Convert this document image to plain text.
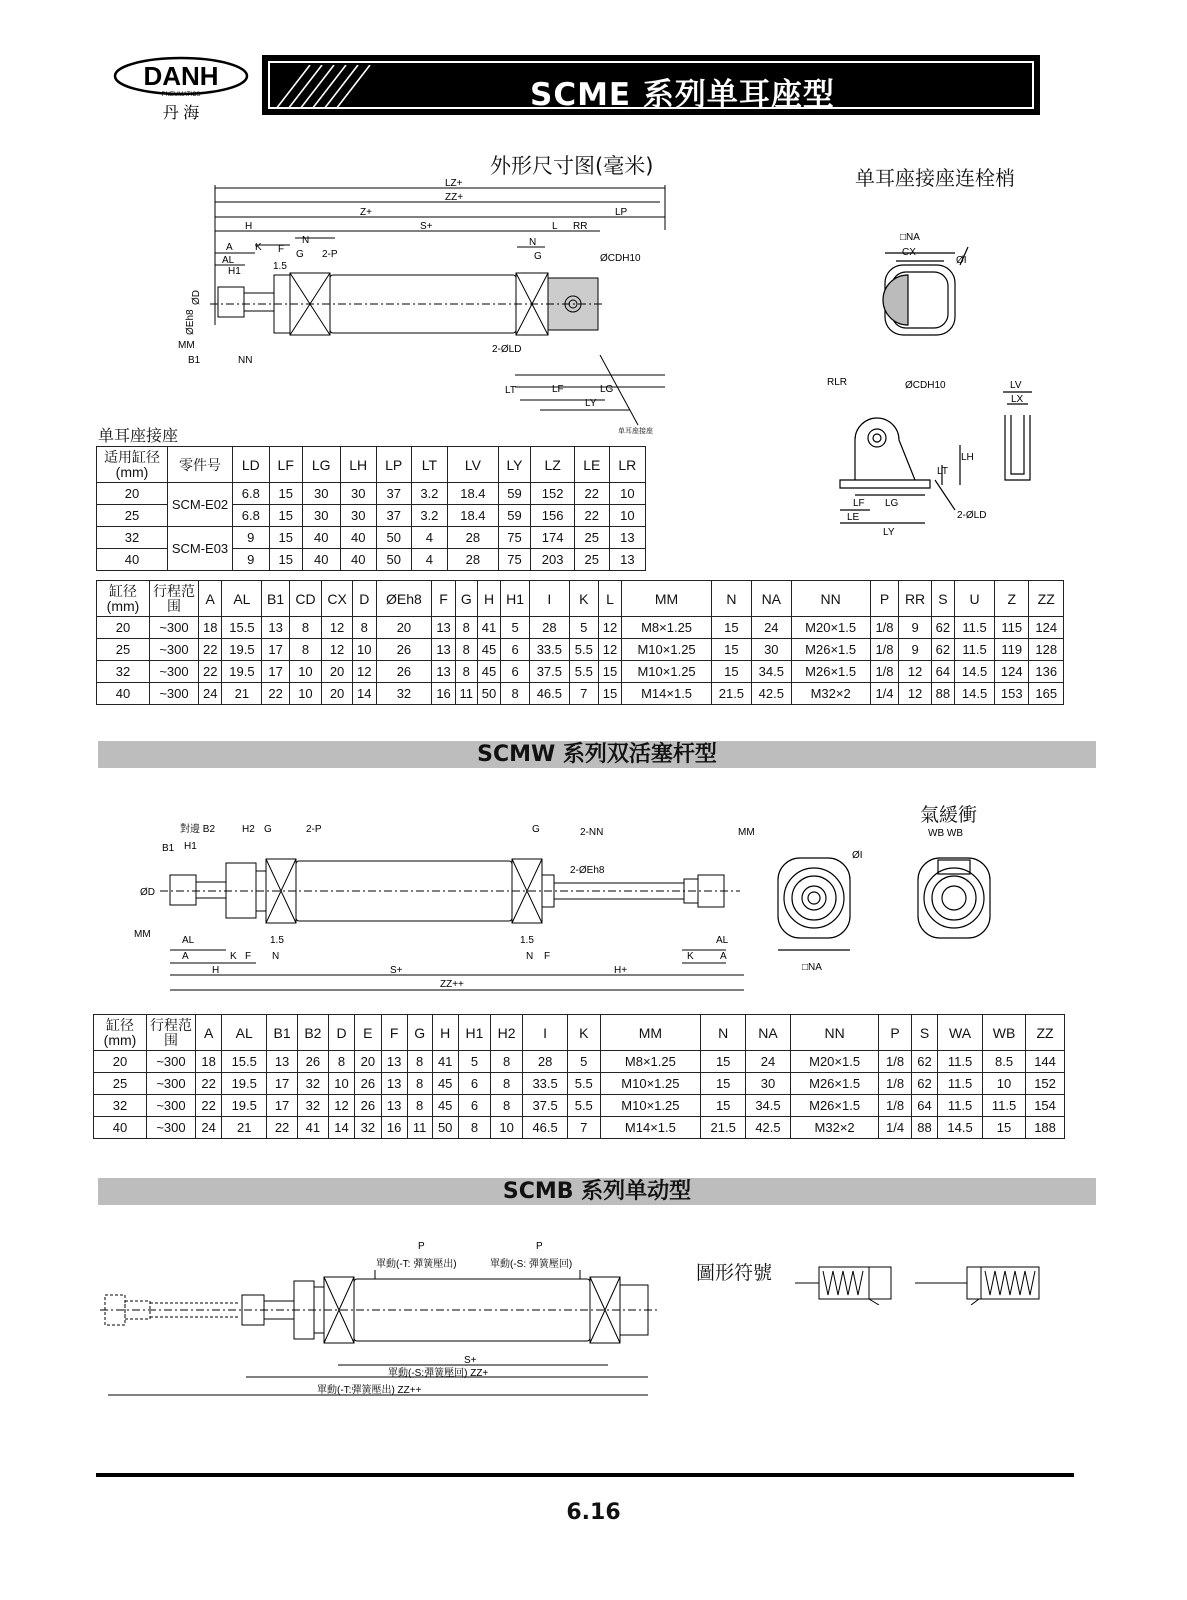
DANH
PNEUMATICS
丹 海
SCME 系列单耳座型
外形尺寸图(毫米)	单耳座接座连栓梢
LZ+
ZZ+
Z+	LP
H	S+	L RR
A K F
N	N
AL
G	G
H1	1.5
2-P	ØCDH10
ØEh8
ØD
MM
B1	NN
2-ØLD
LT	LF	LG
LY
单耳座接座
□NA
CX
ØI
RLR	ØCDH10	LV
LX
LH
LT
LF LG
LE
LY
2-ØLD
单耳座接座
适用缸径(mm)	零件号	LD	LF	LG	LH	LP	LT	LV	LY	LZ	LE	LR
20	SCM-E02	6.8	15	30	30	37	3.2	18.4	59	152	22	10
25		6.8	15	30	30	37	3.2	18.4	59	156	22	10
32	SCM-E03	9	15	40	40	50	4	28	75	174	25	13
40		9	15	40	40	50	4	28	75	203	25	13
缸径(mm)	行程范围	A	AL	B1	CD	CX	D	ØEh8	F	G	H	H1	I	K	L	MM	N	NA	NN	P	RR	S	U	Z	ZZ
20	~300	18	15.5	13	8	12	8	20	13	8	41	5	28	5	12	M8×1.25	15	24	M20×1.5	1/8	9	62	11.5	115	124
25	~300	22	19.5	17	8	12	10	26	13	8	45	6	33.5	5.5	12	M10×1.25	15	30	M26×1.5	1/8	9	62	11.5	119	128
32	~300	22	19.5	17	10	20	12	26	13	8	45	6	37.5	5.5	15	M10×1.25	15	34.5	M26×1.5	1/8	12	64	14.5	124	136
40	~300	24	21	22	10	20	14	32	16	11	50	8	46.5	7	15	M14×1.5	21.5	42.5	M32×2	1/4	12	88	14.5	153	165
SCMW 系列双活塞杆型
氣緩衝
對邊 B2	H2 G	2-P
B1 H1
G	2-NN	MM
ØD
2-ØEh8
MM
AL
A	K F
1.5
N
H	S+
1.5
N F
H+
K
AL
A
ZZ++
□NA
ØI
WB WB
缸径(mm)	行程范围	A	AL	B1	B2	D	E	F	G	H	H1	H2	I	K	MM	N	NA	NN	P	S	WA	WB	ZZ
20	~300	18	15.5	13	26	8	20	13	8	41	5	8	28	5	M8×1.25	15	24	M20×1.5	1/8	62	11.5	8.5	144
25	~300	22	19.5	17	32	10	26	13	8	45	6	8	33.5	5.5	M10×1.25	15	30	M26×1.5	1/8	62	11.5	10	152
32	~300	22	19.5	17	32	12	26	13	8	45	6	8	37.5	5.5	M10×1.25	15	34.5	M26×1.5	1/8	64	11.5	11.5	154
40	~300	24	21	22	41	14	32	16	11	50	8	10	46.5	7	M14×1.5	21.5	42.5	M32×2	1/4	88	14.5	15	188
SCMB 系列单动型
P	P
單動(-T: 彈簧壓出)	單動(-S: 彈簧壓回)
S+
單動(-S:彈簧壓回) ZZ+
單動(-T:彈簧壓出) ZZ++
圖形符號
6.16
